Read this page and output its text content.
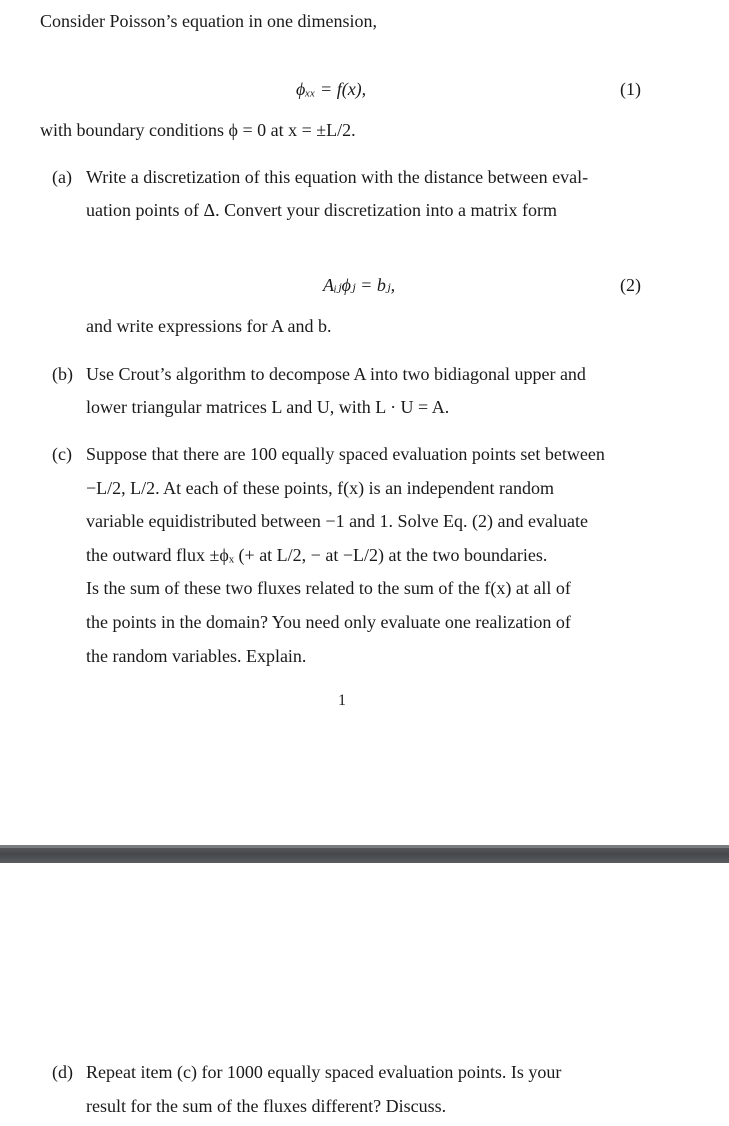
Consider Poisson’s equation in one dimension,
ϕₓₓ = f(x),	(1)
with boundary conditions ϕ = 0 at x = ±L/2.
(a) Write a discretization of this equation with the distance between eval-
uation points of Δ. Convert your discretization into a matrix form
Aᵢⱼϕⱼ = bⱼ,	(2)
and write expressions for A and b.
(b) Use Crout’s algorithm to decompose A into two bidiagonal upper and
lower triangular matrices L and U, with L · U = A.
(c) Suppose that there are 100 equally spaced evaluation points set between
−L/2, L/2. At each of these points, f(x) is an independent random
variable equidistributed between −1 and 1. Solve Eq. (2) and evaluate
the outward flux ±ϕₓ (+ at L/2, − at −L/2) at the two boundaries.
Is the sum of these two fluxes related to the sum of the f(x) at all of
the points in the domain? You need only evaluate one realization of
the random variables. Explain.
1
(d) Repeat item (c) for 1000 equally spaced evaluation points. Is your
result for the sum of the fluxes different? Discuss.
